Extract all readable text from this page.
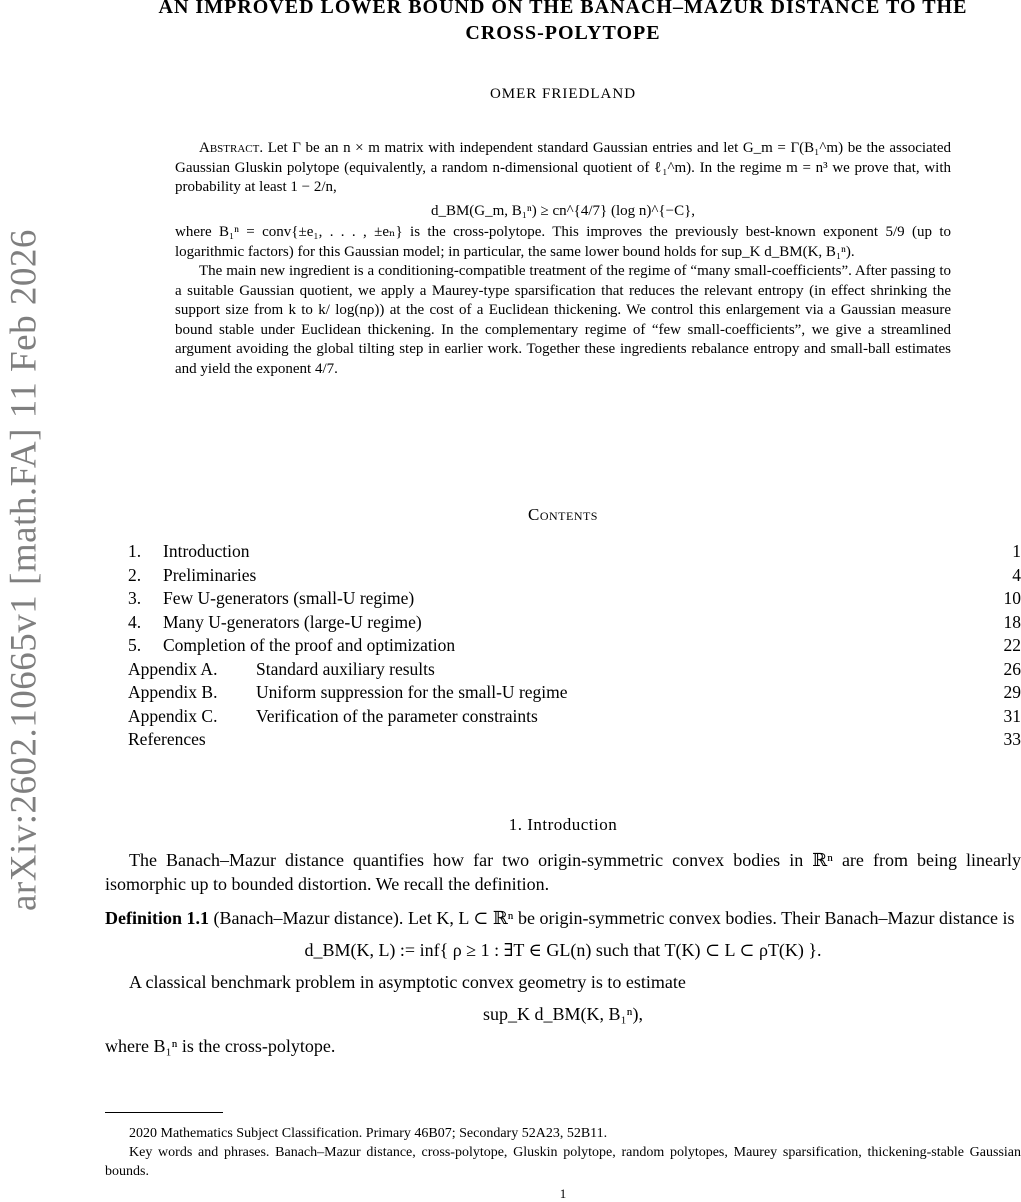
arXiv:2602.10665v1 [math.FA] 11 Feb 2026
AN IMPROVED LOWER BOUND ON THE BANACH–MAZUR DISTANCE TO THE
CROSS-POLYTOPE
OMER FRIEDLAND

Abstract. Let Γ be an n × m matrix with independent standard Gaussian entries and let G_m = Γ(B₁^m) be the associated Gaussian Gluskin polytope (equivalently, a random n-dimensional quotient of ℓ₁^m). In the regime m = n³ we prove that, with probability at least 1 − 2/n,

d_BM(G_m, B₁ⁿ) ≥ cn^{4/7} (log n)^{−C},

where B₁ⁿ = conv{±e₁, . . . , ±eₙ} is the cross-polytope. This improves the previously best-known exponent 5/9 (up to logarithmic factors) for this Gaussian model; in particular, the same lower bound holds for sup_K d_BM(K, B₁ⁿ).

The main new ingredient is a conditioning-compatible treatment of the regime of “many small-coefficients”. After passing to a suitable Gaussian quotient, we apply a Maurey-type sparsification that reduces the relevant entropy (in effect shrinking the support size from k to k/ log(nρ)) at the cost of a Euclidean thickening. We control this enlargement via a Gaussian measure bound stable under Euclidean thickening. In the complementary regime of “few small-coefficients”, we give a streamlined argument avoiding the global tilting step in earlier work. Together these ingredients rebalance entropy and small-ball estimates and yield the exponent 4/7.

Contents
1. Introduction	1
2. Preliminaries	4
3. Few U-generators (small-U regime)	10
4. Many U-generators (large-U regime)	18
5. Completion of the proof and optimization	22
Appendix A. Standard auxiliary results	26
Appendix B. Uniform suppression for the small-U regime	29
Appendix C. Verification of the parameter constraints	31
References	33
1. Introduction

The Banach–Mazur distance quantifies how far two origin-symmetric convex bodies in ℝⁿ are from being linearly isomorphic up to bounded distortion. We recall the definition.

Definition 1.1 (Banach–Mazur distance). Let K, L ⊂ ℝⁿ be origin-symmetric convex bodies. Their Banach–Mazur distance is

d_BM(K, L) := inf{ ρ ≥ 1 : ∃T ∈ GL(n) such that T(K) ⊂ L ⊂ ρT(K) }.

A classical benchmark problem in asymptotic convex geometry is to estimate

sup_K d_BM(K, B₁ⁿ),

where B₁ⁿ is the cross-polytope.

2020 Mathematics Subject Classification. Primary 46B07; Secondary 52A23, 52B11.

Key words and phrases. Banach–Mazur distance, cross-polytope, Gluskin polytope, random polytopes, Maurey sparsification, thickening-stable Gaussian bounds.

1
